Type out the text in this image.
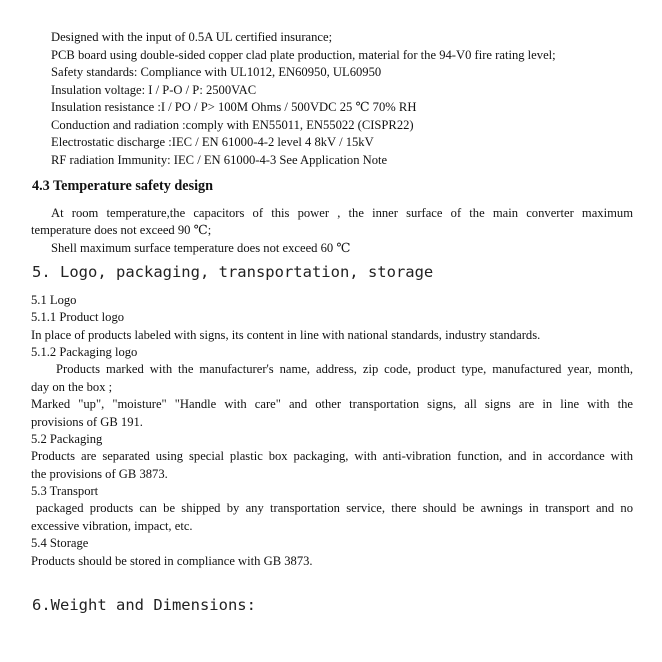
Designed with the input of 0.5A UL certified insurance;
PCB board using double-sided copper clad plate production, material for the 94-V0 fire rating level;
Safety standards: Compliance with UL1012, EN60950, UL60950
Insulation voltage: I / P-O / P: 2500VAC
Insulation resistance :I / PO / P> 100M Ohms / 500VDC 25 ℃ 70% RH
Conduction and radiation :comply with EN55011, EN55022 (CISPR22)
Electrostatic discharge :IEC / EN 61000-4-2 level 4 8kV / 15kV
RF radiation Immunity: IEC / EN 61000-4-3 See Application Note
4.3 Temperature safety design
At room temperature,the capacitors of this power , the inner surface of the main converter maximum
temperature does not exceed 90 ℃;
Shell maximum surface temperature does not exceed 60 ℃
5. Logo, packaging, transportation, storage
5.1 Logo
5.1.1 Product logo
In place of products labeled with signs, its content in line with national standards, industry standards.
5.1.2 Packaging logo
Products marked with the manufacturer's name, address, zip code, product type, manufactured year, month,
day on the box ;
Marked "up", "moisture" "Handle with care" and other transportation signs, all signs are in line with the
provisions of GB 191.
5.2 Packaging
Products are separated using special plastic box packaging, with anti-vibration function, and in accordance with
the provisions of GB 3873.
5.3 Transport
packaged products can be shipped by any transportation service, there should be awnings in transport and no
excessive vibration, impact, etc.
5.4 Storage
Products should be stored in compliance with GB 3873.
6.Weight and Dimensions:
